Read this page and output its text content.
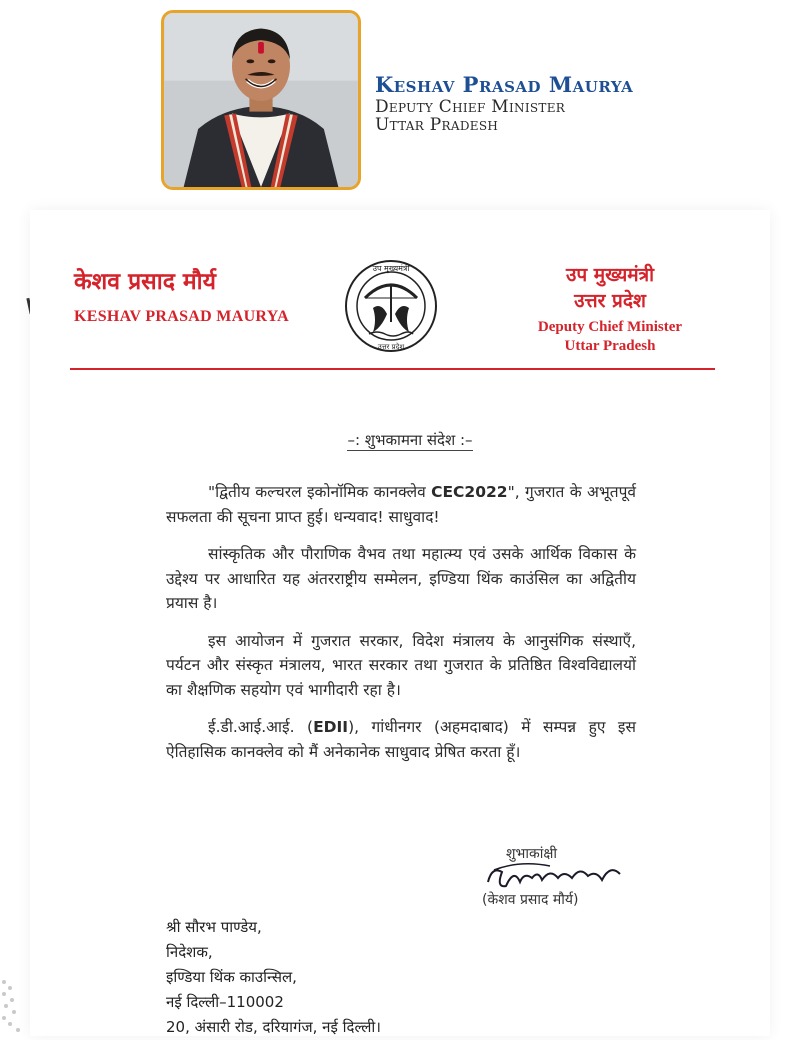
Keshav Prasad Maurya
Deputy Chief Minister
Uttar Pradesh
केशव प्रसाद मौर्य
KESHAV PRASAD MAURYA
उप मुख्यमंत्री
उत्तर प्रदेश
उप मुख्यमंत्री
उत्तर प्रदेश
Deputy Chief Minister
Uttar Pradesh
–: शुभकामना संदेश :–

"द्वितीय कल्चरल इकोनॉमिक कानक्लेव CEC2022", गुजरात के अभूतपूर्व सफलता की सूचना प्राप्त हुई। धन्यवाद! साधुवाद!

सांस्कृतिक और पौराणिक वैभव तथा महात्म्य एवं उसके आर्थिक विकास के उद्देश्य पर आधारित यह अंतरराष्ट्रीय सम्मेलन, इण्डिया थिंक काउंसिल का अद्वितीय प्रयास है।

इस आयोजन में गुजरात सरकार, विदेश मंत्रालय के आनुसंगिक संस्थाएँ, पर्यटन और संस्कृत मंत्रालय, भारत सरकार तथा गुजरात के प्रतिष्ठित विश्वविद्यालयों का शैक्षणिक सहयोग एवं भागीदारी रहा है।

ई.डी.आई.आई. (EDII), गांधीनगर (अहमदाबाद) में सम्पन्न हुए इस ऐतिहासिक कानक्लेव को मैं अनेकानेक साधुवाद प्रेषित करता हूँ।

शुभाकांक्षी
(केशव प्रसाद मौर्य)
श्री सौरभ पाण्डेय,
निदेशक,
इण्डिया थिंक काउन्सिल,
नई दिल्ली–110002
20, अंसारी रोड, दरियागंज, नई दिल्ली।
